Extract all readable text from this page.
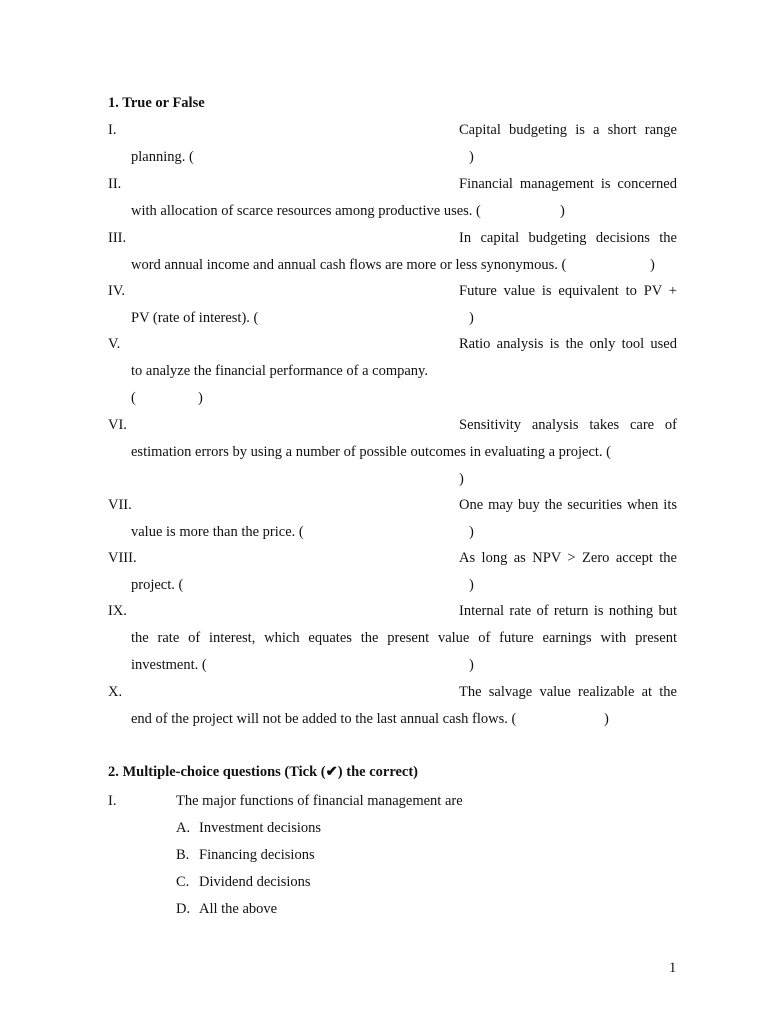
1. True or False
I.	Capital budgeting is a short range
planning. (	)
II.	Financial management is concerned
with allocation of scarce resources among productive uses. (	)
III.	In capital budgeting decisions the
word annual income and annual cash flows are more or less synonymous. (	)
IV.	Future value is equivalent to PV +
PV (rate of interest). (	)
V.	Ratio analysis is the only tool used
to analyze the financial performance of a company.
(	)
VI.	Sensitivity analysis takes care of
estimation errors by using a number of possible outcomes in evaluating a project. (
)
VII.	One may buy the securities when its
value is more than the price. (	)
VIII.	As long as NPV > Zero accept the
project. (	)
IX.	Internal rate of return is nothing but
the rate of interest, which equates the present value of future earnings with present
investment. (	)
X.	The salvage value realizable at the
end of the project will not be added to the last annual cash flows. (	)
2. Multiple-choice questions (Tick (✔) the correct)
I.	The major functions of financial management are
A. Investment decisions
B. Financing decisions
C. Dividend decisions
D. All the above
1
